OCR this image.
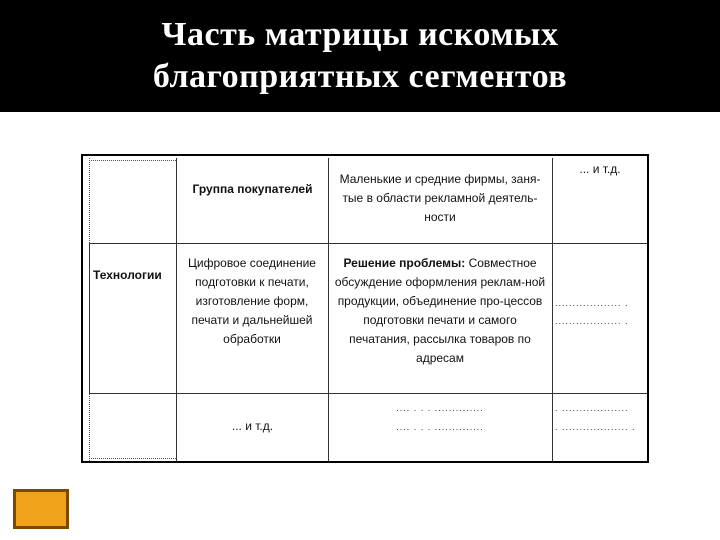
Часть матрицы искомых
благоприятных сегментов
Группа покупателей
Маленькие и средние фирмы, заня-тые в области рекламной деятель-ности
... и т.д.
Технологии
Цифровое соединение подготовки к печати, изготовление форм, печати и дальнейшей обработки
Решение проблемы: Совместное обсуждение оформления реклам-ной продукции, объединение про-цессов подготовки печати и самого печатания, рассылка товаров по адресам
................... .
................... .
... и т.д.
.... . . . ..............
.... . . . ..............
. ...................
. ................... .
